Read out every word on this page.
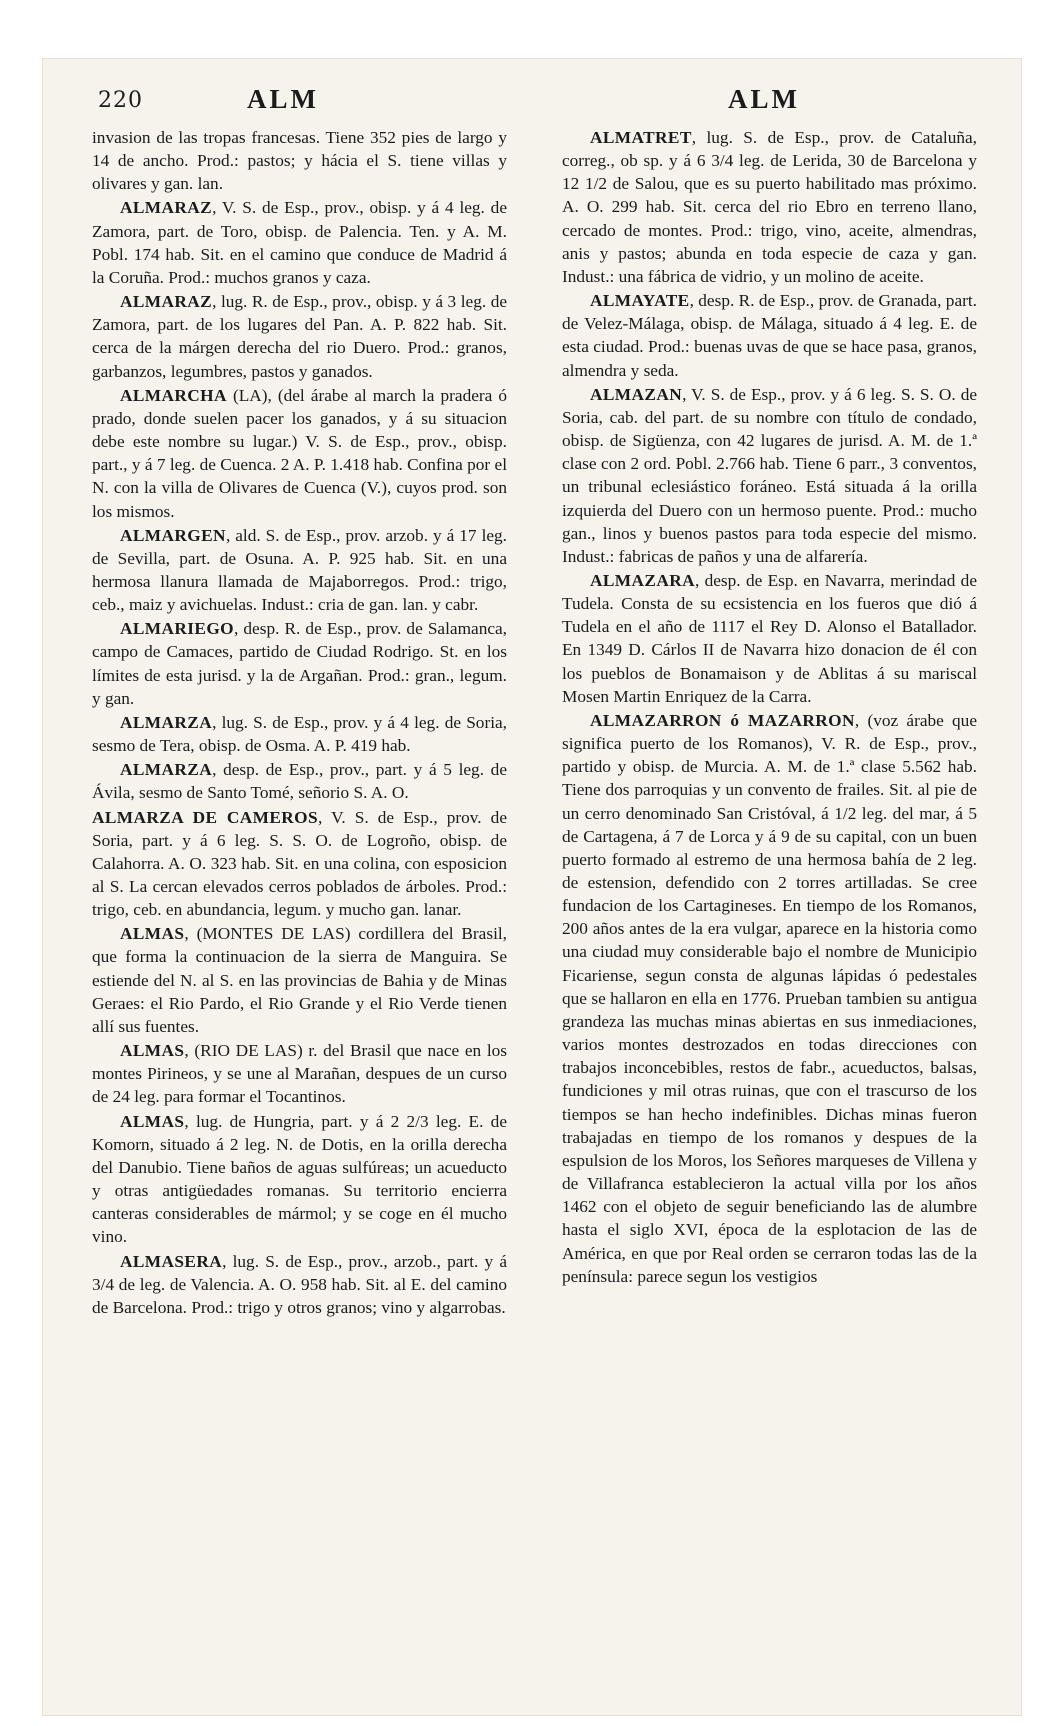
220	ALM	ALM

invasion de las tropas francesas. Tiene 352 pies de largo y 14 de ancho. Prod.: pastos; y hácia el S. tiene villas y olivares y gan. lan.

ALMARAZ, V. S. de Esp., prov., obisp. y á 4 leg. de Zamora, part. de Toro, obisp. de Palencia. Ten. y A. M. Pobl. 174 hab. Sit. en el camino que conduce de Madrid á la Coruña. Prod.: muchos granos y caza.

ALMARAZ, lug. R. de Esp., prov., obisp. y á 3 leg. de Zamora, part. de los lugares del Pan. A. P. 822 hab. Sit. cerca de la márgen derecha del rio Duero. Prod.: granos, garbanzos, legumbres, pastos y ganados.

ALMARCHA (LA), (del árabe al march la pradera ó prado, donde suelen pacer los ganados, y á su situacion debe este nombre su lugar.) V. S. de Esp., prov., obisp. part., y á 7 leg. de Cuenca. 2 A. P. 1.418 hab. Confina por el N. con la villa de Olivares de Cuenca (V.), cuyos prod. son los mismos.

ALMARGEN, ald. S. de Esp., prov. arzob. y á 17 leg. de Sevilla, part. de Osuna. A. P. 925 hab. Sit. en una hermosa llanura llamada de Majaborregos. Prod.: trigo, ceb., maiz y avichuelas. Indust.: cria de gan. lan. y cabr.

ALMARIEGO, desp. R. de Esp., prov. de Salamanca, campo de Camaces, partido de Ciudad Rodrigo. St. en los límites de esta jurisd. y la de Argañan. Prod.: gran., legum. y gan.

ALMARZA, lug. S. de Esp., prov. y á 4 leg. de Soria, sesmo de Tera, obisp. de Osma. A. P. 419 hab.

ALMARZA, desp. de Esp., prov., part. y á 5 leg. de Ávila, sesmo de Santo Tomé, señorio S. A. O.

ALMARZA DE CAMEROS, V. S. de Esp., prov. de Soria, part. y á 6 leg. S. S. O. de Logroño, obisp. de Calahorra. A. O. 323 hab. Sit. en una colina, con esposicion al S. La cercan elevados cerros poblados de árboles. Prod.: trigo, ceb. en abundancia, legum. y mucho gan. lanar.

ALMAS, (MONTES DE LAS) cordillera del Brasil, que forma la continuacion de la sierra de Manguira. Se estiende del N. al S. en las provincias de Bahia y de Minas Geraes: el Rio Pardo, el Rio Grande y el Rio Verde tienen allí sus fuentes.

ALMAS, (RIO DE LAS) r. del Brasil que nace en los montes Pirineos, y se une al Marañan, despues de un curso de 24 leg. para formar el Tocantinos.

ALMAS, lug. de Hungria, part. y á 2 2/3 leg. E. de Komorn, situado á 2 leg. N. de Dotis, en la orilla derecha del Danubio. Tiene baños de aguas sulfúreas; un acueducto y otras antigüedades romanas. Su territorio encierra canteras considerables de mármol; y se coge en él mucho vino.

ALMASERA, lug. S. de Esp., prov., arzob., part. y á 3/4 de leg. de Valencia. A. O. 958 hab. Sit. al E. del camino de Barcelona. Prod.: trigo y otros granos; vino y algarrobas.

ALMATRET, lug. S. de Esp., prov. de Cataluña, correg., ob sp. y á 6 3/4 leg. de Lerida, 30 de Barcelona y 12 1/2 de Salou, que es su puerto habilitado mas próximo. A. O. 299 hab. Sit. cerca del rio Ebro en terreno llano, cercado de montes. Prod.: trigo, vino, aceite, almendras, anis y pastos; abunda en toda especie de caza y gan. Indust.: una fábrica de vidrio, y un molino de aceite.

ALMAYATE, desp. R. de Esp., prov. de Granada, part. de Velez-Málaga, obisp. de Málaga, situado á 4 leg. E. de esta ciudad. Prod.: buenas uvas de que se hace pasa, granos, almendra y seda.

ALMAZAN, V. S. de Esp., prov. y á 6 leg. S. S. O. de Soria, cab. del part. de su nombre con título de condado, obisp. de Sigüenza, con 42 lugares de jurisd. A. M. de 1.ª clase con 2 ord. Pobl. 2.766 hab. Tiene 6 parr., 3 conventos, un tribunal eclesiástico foráneo. Está situada á la orilla izquierda del Duero con un hermoso puente. Prod.: mucho gan., linos y buenos pastos para toda especie del mismo. Indust.: fabricas de paños y una de alfarería.

ALMAZARA, desp. de Esp. en Navarra, merindad de Tudela. Consta de su ecsistencia en los fueros que dió á Tudela en el año de 1117 el Rey D. Alonso el Batallador. En 1349 D. Cárlos II de Navarra hizo donacion de él con los pueblos de Bonamaison y de Ablitas á su mariscal Mosen Martin Enriquez de la Carra.

ALMAZARRON ó MAZARRON, (voz árabe que significa puerto de los Romanos), V. R. de Esp., prov., partido y obisp. de Murcia. A. M. de 1.ª clase 5.562 hab. Tiene dos parroquias y un convento de frailes. Sit. al pie de un cerro denominado San Cristóval, á 1/2 leg. del mar, á 5 de Cartagena, á 7 de Lorca y á 9 de su capital, con un buen puerto formado al estremo de una hermosa bahía de 2 leg. de estension, defendido con 2 torres artilladas. Se cree fundacion de los Cartagineses. En tiempo de los Romanos, 200 años antes de la era vulgar, aparece en la historia como una ciudad muy considerable bajo el nombre de Municipio Ficariense, segun consta de algunas lápidas ó pedestales que se hallaron en ella en 1776. Prueban tambien su antigua grandeza las muchas minas abiertas en sus inmediaciones, varios montes destrozados en todas direcciones con trabajos inconcebibles, restos de fabr., acueductos, balsas, fundiciones y mil otras ruinas, que con el trascurso de los tiempos se han hecho indefinibles. Dichas minas fueron trabajadas en tiempo de los romanos y despues de la espulsion de los Moros, los Señores marqueses de Villena y de Villafranca establecieron la actual villa por los años 1462 con el objeto de seguir beneficiando las de alumbre hasta el siglo XVI, época de la esplotacion de las de América, en que por Real orden se cerraron todas las de la península: parece segun los vestigios
